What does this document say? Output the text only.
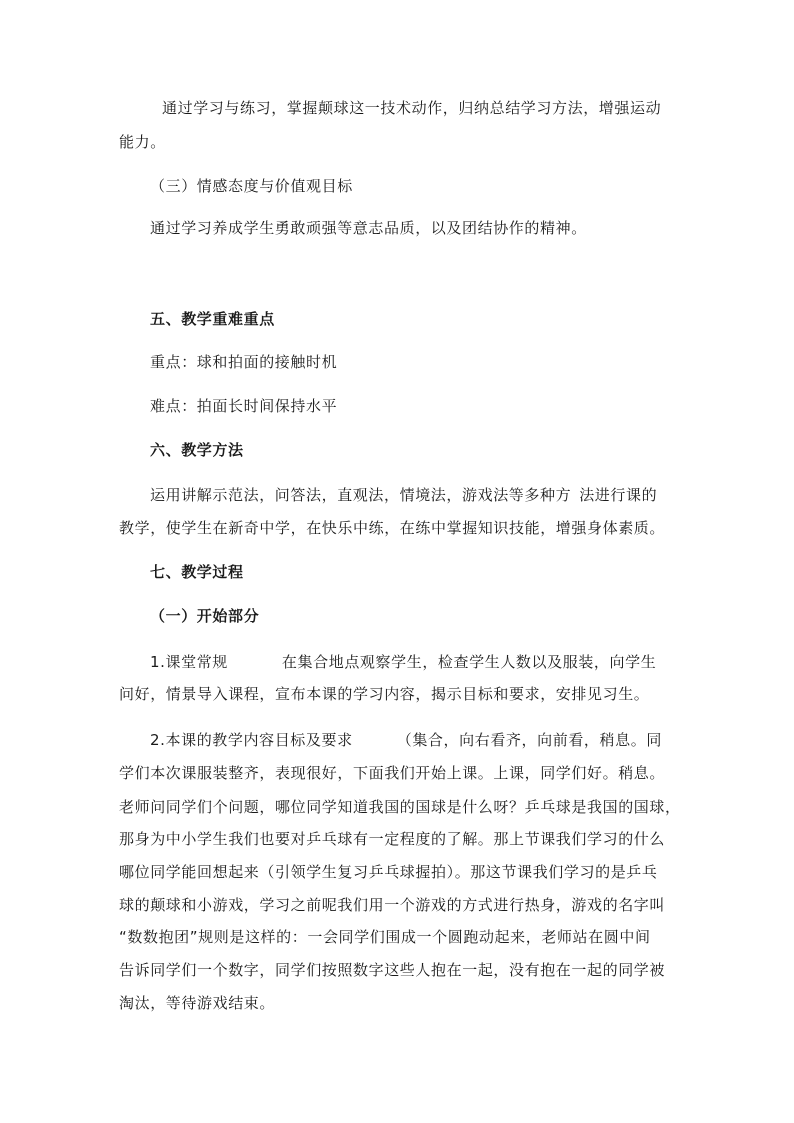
通过学习与练习，掌握颠球这一技术动作，归纳总结学习方法，增强运动
能力。
（三）情感态度与价值观目标
通过学习养成学生勇敢顽强等意志品质，以及团结协作的精神。
五、教学重难重点
重点：球和拍面的接触时机
难点：拍面长时间保持水平
六、教学方法
运用讲解示范法，问答法，直观法，情境法，游戏法等多种方 法进行课的
教学，使学生在新奇中学，在快乐中练，在练中掌握知识技能，增强身体素质。
七、教学过程
（一）开始部分
1.课堂常规	在集合地点观察学生，检查学生人数以及服装，向学生
问好，情景导入课程，宣布本课的学习内容，揭示目标和要求，安排见习生。
2.本课的教学内容目标及要求	（集合，向右看齐，向前看，稍息。同
学们本次课服装整齐，表现很好，下面我们开始上课。上课，同学们好。稍息。
老师问同学们个问题，哪位同学知道我国的国球是什么呀？乒乓球是我国的国球，
那身为中小学生我们也要对乒乓球有一定程度的了解。那上节课我们学习的什么
哪位同学能回想起来（引领学生复习乒乓球握拍）。那这节课我们学习的是乒乓
球的颠球和小游戏，学习之前呢我们用一个游戏的方式进行热身，游戏的名字叫
“数数抱团”规则是这样的：一会同学们围成一个圆跑动起来，老师站在圆中间
告诉同学们一个数字，同学们按照数字这些人抱在一起，没有抱在一起的同学被
淘汰，等待游戏结束。
